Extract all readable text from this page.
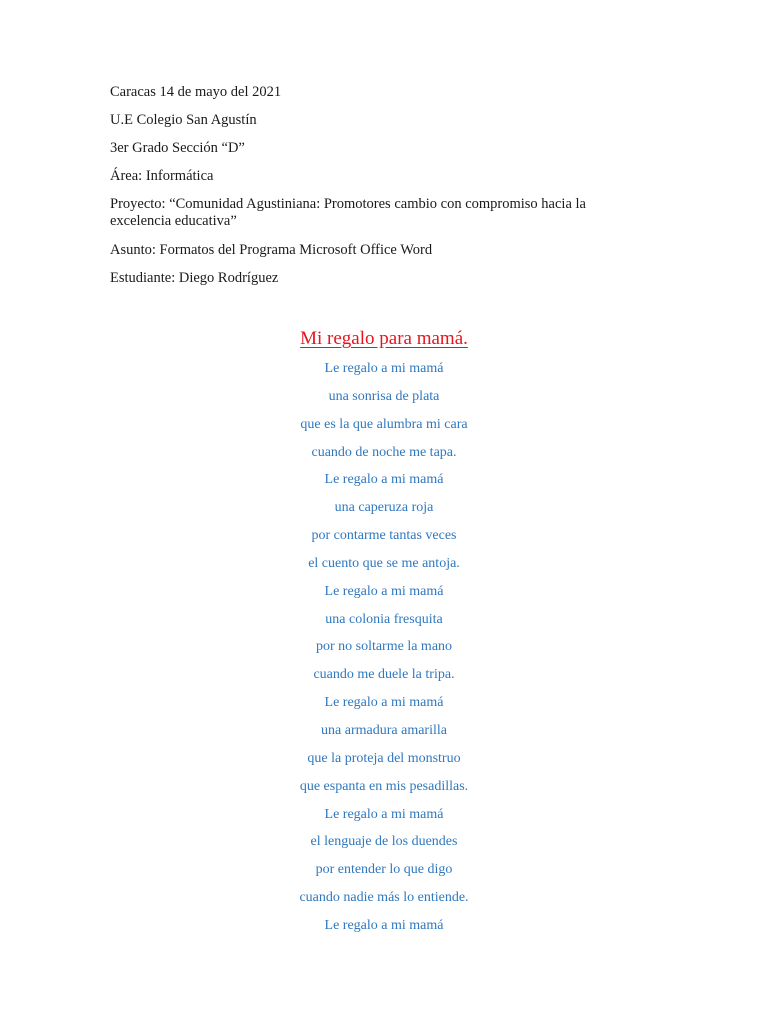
Caracas 14 de mayo del 2021
U.E Colegio San Agustín
3er Grado Sección “D”
Área: Informática
Proyecto: “Comunidad Agustiniana: Promotores cambio con compromiso hacia la excelencia educativa”
Asunto: Formatos del Programa Microsoft Office Word
Estudiante: Diego Rodríguez
Mi regalo para mamá.
Le regalo a mi mamá
una sonrisa de plata
que es la que alumbra mi cara
cuando de noche me tapa.
Le regalo a mi mamá
una caperuza roja
por contarme tantas veces
el cuento que se me antoja.
Le regalo a mi mamá
una colonia fresquita
por no soltarme la mano
cuando me duele la tripa.
Le regalo a mi mamá
una armadura amarilla
que la proteja del monstruo
que espanta en mis pesadillas.
Le regalo a mi mamá
el lenguaje de los duendes
por entender lo que digo
cuando nadie más lo entiende.
Le regalo a mi mamá
